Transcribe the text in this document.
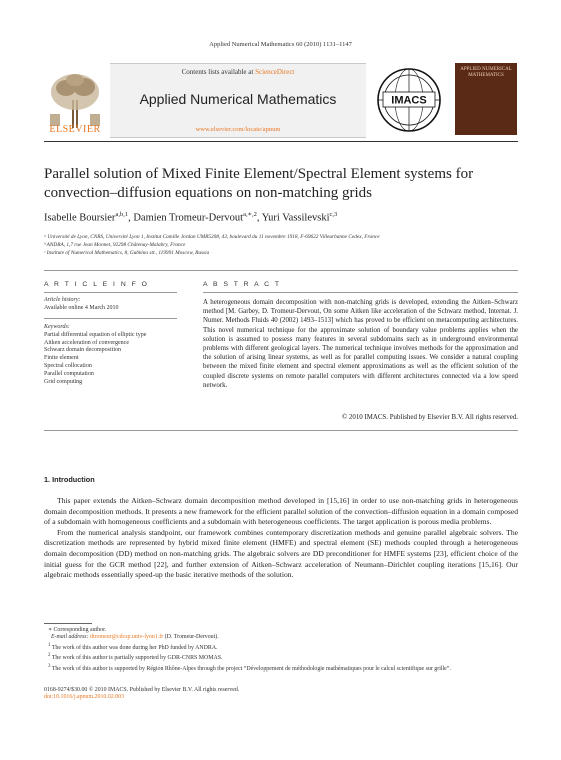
Applied Numerical Mathematics 60 (2010) 1131–1147
ELSEVIER
Contents lists available at ScienceDirect
Applied Numerical Mathematics
www.elsevier.com/locate/apnum
IMACS
APPLIED NUMERICAL MATHEMATICS
Parallel solution of Mixed Finite Element/Spectral Element systems for convection–diffusion equations on non-matching grids
Isabelle Boursier$^{a,b,1}$, Damien Tromeur-Dervout$^{a,∗,2}$, Yuri Vassilevski$^{c,3}$
ᵃ Université de Lyon, CNRS, Université Lyon 1, Institut Camille Jordan UMR5208, 43, boulevard du 11 novembre 1918, F-69622 Villeurbanne Cedex, France
ᵇ ANDRA, 1,7 rue Jean Monnet, 92298 Châtenay-Malabry, France
ᶜ Institute of Numerical Mathematics, 8, Gubkina str., 119991 Moscow, Russia
A R T I C L E I N F O
Article history:
Available online 4 March 2010
Keywords:
Partial differential equation of elliptic type
Aitken acceleration of convergence
Schwarz domain decomposition
Finite element
Spectral collocation
Parallel computation
Grid computing
A B S T R A C T
A heterogeneous domain decomposition with non-matching grids is developed, extending the Aitken–Schwarz method [M. Garbey, D. Tromeur-Dervout, On some Aitken like acceleration of the Schwarz method, Internat. J. Numer. Methods Fluids 40 (2002) 1493–1513] which has proved to be efficient on metacomputing architectures. This novel numerical technique for the approximate solution of boundary value problems applies when the solution is assumed to possess many features in several subdomains such as in underground environmental problems with different geological layers. The numerical technique involves methods for the approximation and the solution of arising linear systems, as well as for parallel computing issues. We consider a natural coupling between the mixed finite element and spectral element approximations as well as the efficient solution of the coupled discrete systems on remote parallel computers with different architectures connected via a low speed network.
© 2010 IMACS. Published by Elsevier B.V. All rights reserved.
1. Introduction

This paper extends the Aitken–Schwarz domain decomposition method developed in [15,16] in order to use non-matching grids in heterogeneous domain decomposition methods. It presents a new framework for the efficient parallel solution of the convection–diffusion equation in a domain composed of a subdomain with homogeneous coefficients and a subdomain with heterogeneous coefficients. The target application is porous media problems.

From the numerical analysis standpoint, our framework combines contemporary discretization methods and genuine parallel algebraic solvers. The discretization methods are represented by hybrid mixed finite element (HMFE) and spectral element (SE) methods coupled through a heterogeneous domain decomposition (DD) method on non-matching grids. The algebraic solvers are DD preconditioner for HMFE systems [23], efficient choice of the initial guess for the GCR method [22], and further extension of Aitken–Schwarz acceleration of Neumann–Dirichlet coupling iterations [15,16]. Our algebraic methods essentially speed-up the basic iterative methods of the solution.

∗ Corresponding author.
E-mail address: dtromeur@cdcsp.univ-lyon1.fr (D. Tromeur-Dervout).
$^1$ The work of this author was done during her PhD funded by ANDRA.
$^2$ The work of this author is partially supported by GDR-CNRS MOMAS.
$^3$ The work of this author is supported by Région Rhône-Alpes through the project “Développement de méthodologie mathématiques pour le calcul scientifique sur grille”.
0168-9274/$30.00 © 2010 IMACS. Published by Elsevier B.V. All rights reserved.
doi:10.1016/j.apnum.2010.02.003
